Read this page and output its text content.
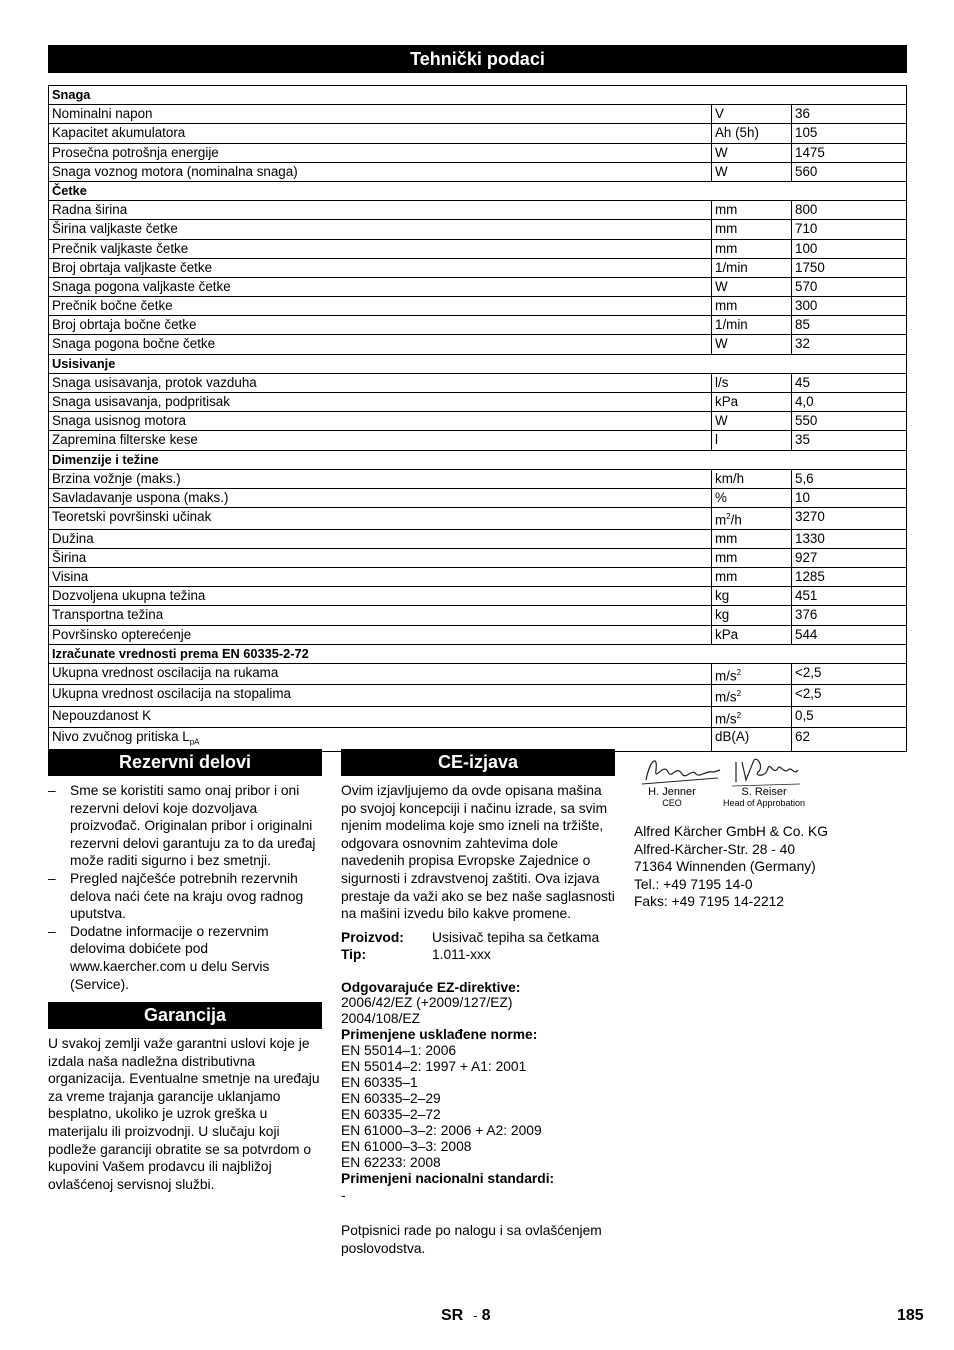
Tehnički podaci
Snaga		
Nominalni napon	V	36
Kapacitet akumulatora	Ah (5h)	105
Prosečna potrošnja energije	W	1475
Snaga voznog motora (nominalna snaga)	W	560
Četke		
Radna širina	mm	800
Širina valjkaste četke	mm	710
Prečnik valjkaste četke	mm	100
Broj obrtaja valjkaste četke	1/min	1750
Snaga pogona valjkaste četke	W	570
Prečnik bočne četke	mm	300
Broj obrtaja bočne četke	1/min	85
Snaga pogona bočne četke	W	32
Usisivanje		
Snaga usisavanja, protok vazduha	l/s	45
Snaga usisavanja, podpritisak	kPa	4,0
Snaga usisnog motora	W	550
Zapremina filterske kese	l	35
Dimenzije i težine		
Brzina vožnje (maks.)	km/h	5,6
Savladavanje uspona (maks.)	%	10
Teoretski površinski učinak	$m^2/h$	3270
Dužina	mm	1330
Širina	mm	927
Visina	mm	1285
Dozvoljena ukupna težina	kg	451
Transportna težina	kg	376
Površinsko opterećenje	kPa	544
Izračunate vrednosti prema EN 60335-2-72		
Ukupna vrednost oscilacija na rukama	$m/s^2$	<2,5
Ukupna vrednost oscilacija na stopalima	$m/s^2$	<2,5
Nepouzdanost K	$m/s^2$	0,5
Nivo zvučnog pritiska $L_{pA}$	dB(A)	62
Rezervni delovi

– Sme se koristiti samo onaj pribor i oni rezervni delovi koje dozvoljava proizvođač. Originalan pribor i originalni rezervni delovi garantuju za to da uređaj može raditi sigurno i bez smetnji.

– Pregled najčešće potrebnih rezervnih delova naći ćete na kraju ovog radnog uputstva.

– Dodatne informacije o rezervnim delovima dobićete pod www.kaercher.com u delu Servis (Service).

Garancija
U svakoj zemlji važe garantni uslovi koje je izdala naša nadležna distributivna organizacija. Eventualne smetnje na uređaju za vreme trajanja garancije uklanjamo besplatno, ukoliko je uzrok greška u materijalu ili proizvodnji. U slučaju koji podleže garanciji obratite se sa potvrdom o kupovini Vašem prodavcu ili najbližoj ovlašćenoj servisnoj službi.
CE-izjava
Ovim izjavljujemo da ovde opisana mašina po svojoj koncepciji i načinu izrade, sa svim njenim modelima koje smo izneli na tržište, odgovara osnovnim zahtevima dole navedenih propisa Evropske Zajednice o sigurnosti i zdravstvenoj zaštiti. Ova izjava prestaje da važi ako se bez naše saglasnosti na mašini izvedu bilo kakve promene.
Proizvod:	Usisivač tepiha sa četkama
Tip:	1.011-xxx
Odgovarajuće EZ-direktive:
2006/42/EZ (+2009/127/EZ)
2004/108/EZ
Primenjene usklađene norme:
EN 55014–1: 2006
EN 55014–2: 1997 + A1: 2001
EN 60335–1
EN 60335–2–29
EN 60335–2–72
EN 61000–3–2: 2006 + A2: 2009
EN 61000–3–3: 2008
EN 62233: 2008
Primenjeni nacionalni standardi:
-
Potpisnici rade po nalogu i sa ovlašćenjem poslovodstva.
H. Jenner
CEO
S. Reiser
Head of Approbation
Alfred Kärcher GmbH & Co. KG
Alfred-Kärcher-Str. 28 - 40
71364 Winnenden (Germany)
Tel.: +49 7195 14-0
Faks: +49 7195 14-2212
SR - 8	185
